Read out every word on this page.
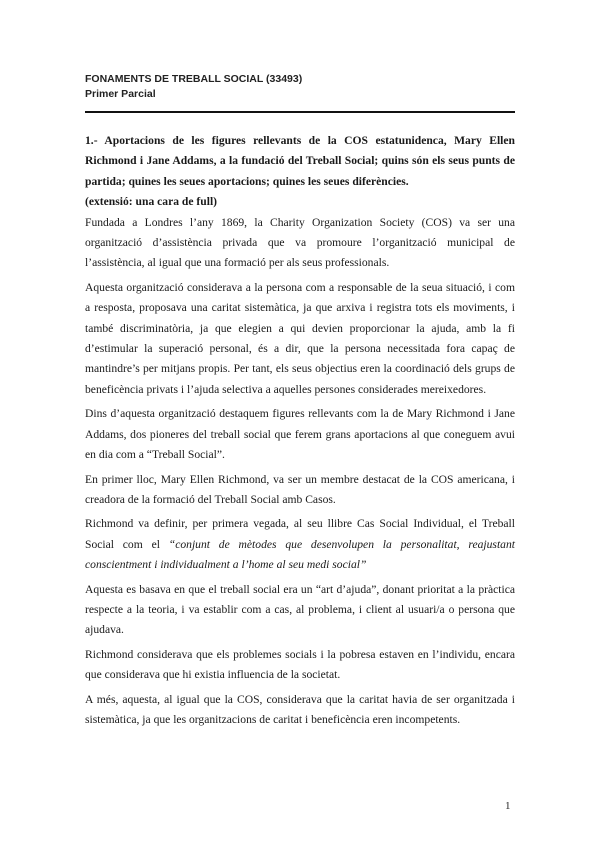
FONAMENTS DE TREBALL SOCIAL (33493)
Primer Parcial

1.- Aportacions de les figures rellevants de la COS estatunidenca, Mary Ellen Richmond i Jane Addams, a la fundació del Treball Social; quins són els seus punts de partida; quines les seues aportacions; quines les seues diferències.

(extensió: una cara de full)

Fundada a Londres l’any 1869, la Charity Organization Society (COS) va ser una organització d’assistència privada que va promoure l’organització municipal de l’assistència, al igual que una formació per als seus professionals.

Aquesta organització considerava a la persona com a responsable de la seua situació, i com a resposta, proposava una caritat sistemàtica, ja que arxiva i registra tots els moviments, i també discriminatòria, ja que elegien a qui devien proporcionar la ajuda, amb la fi d’estimular la superació personal, és a dir, que la persona necessitada fora capaç de mantindre’s per mitjans propis. Per tant, els seus objectius eren la coordinació dels grups de beneficència privats i l’ajuda selectiva a aquelles persones considerades mereixedores.

Dins d’aquesta organització destaquem figures rellevants com la de Mary Richmond i Jane Addams, dos pioneres del treball social que ferem grans aportacions al que coneguem avui en dia com a “Treball Social”.

En primer lloc, Mary Ellen Richmond, va ser un membre destacat de la COS americana, i creadora de la formació del Treball Social amb Casos.

Richmond va definir, per primera vegada, al seu llibre Cas Social Individual, el Treball Social com el “conjunt de mètodes que desenvolupen la personalitat, reajustant conscientment i individualment a l’home al seu medi social”

Aquesta es basava en que el treball social era un “art d’ajuda”, donant prioritat a la pràctica respecte a la teoria, i va establir com a cas, al problema, i client al usuari/a o persona que ajudava.

Richmond considerava que els problemes socials i la pobresa estaven en l’individu, encara que considerava que hi existia influencia de la societat.

A més, aquesta, al igual que la COS, considerava que la caritat havia de ser organitzada i sistemàtica, ja que les organitzacions de caritat i beneficència eren incompetents.

1
